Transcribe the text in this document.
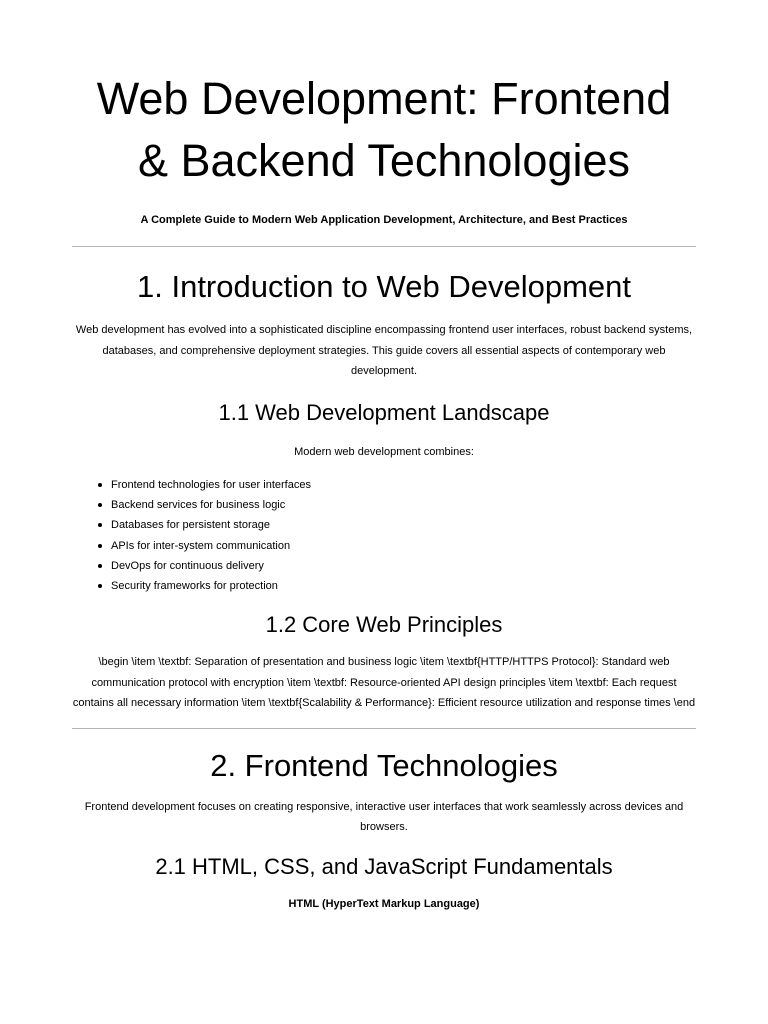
Web Development: Frontend
& Backend Technologies

A Complete Guide to Modern Web Application Development, Architecture, and Best Practices

1. Introduction to Web Development

Web development has evolved into a sophisticated discipline encompassing frontend user interfaces, robust backend systems, databases, and comprehensive deployment strategies. This guide covers all essential aspects of contemporary web development.

1.1 Web Development Landscape

Modern web development combines:

Frontend technologies for user interfaces
Backend services for business logic
Databases for persistent storage
APIs for inter-system communication
DevOps for continuous delivery
Security frameworks for protection
1.2 Core Web Principles

\begin \item \textbf: Separation of presentation and business logic \item \textbf{HTTP/HTTPS Protocol}: Standard web communication protocol with encryption \item \textbf: Resource-oriented API design principles \item \textbf: Each request contains all necessary information \item \textbf{Scalability & Performance}: Efficient resource utilization and response times \end

2. Frontend Technologies

Frontend development focuses on creating responsive, interactive user interfaces that work seamlessly across devices and browsers.

2.1 HTML, CSS, and JavaScript Fundamentals

HTML (HyperText Markup Language)
